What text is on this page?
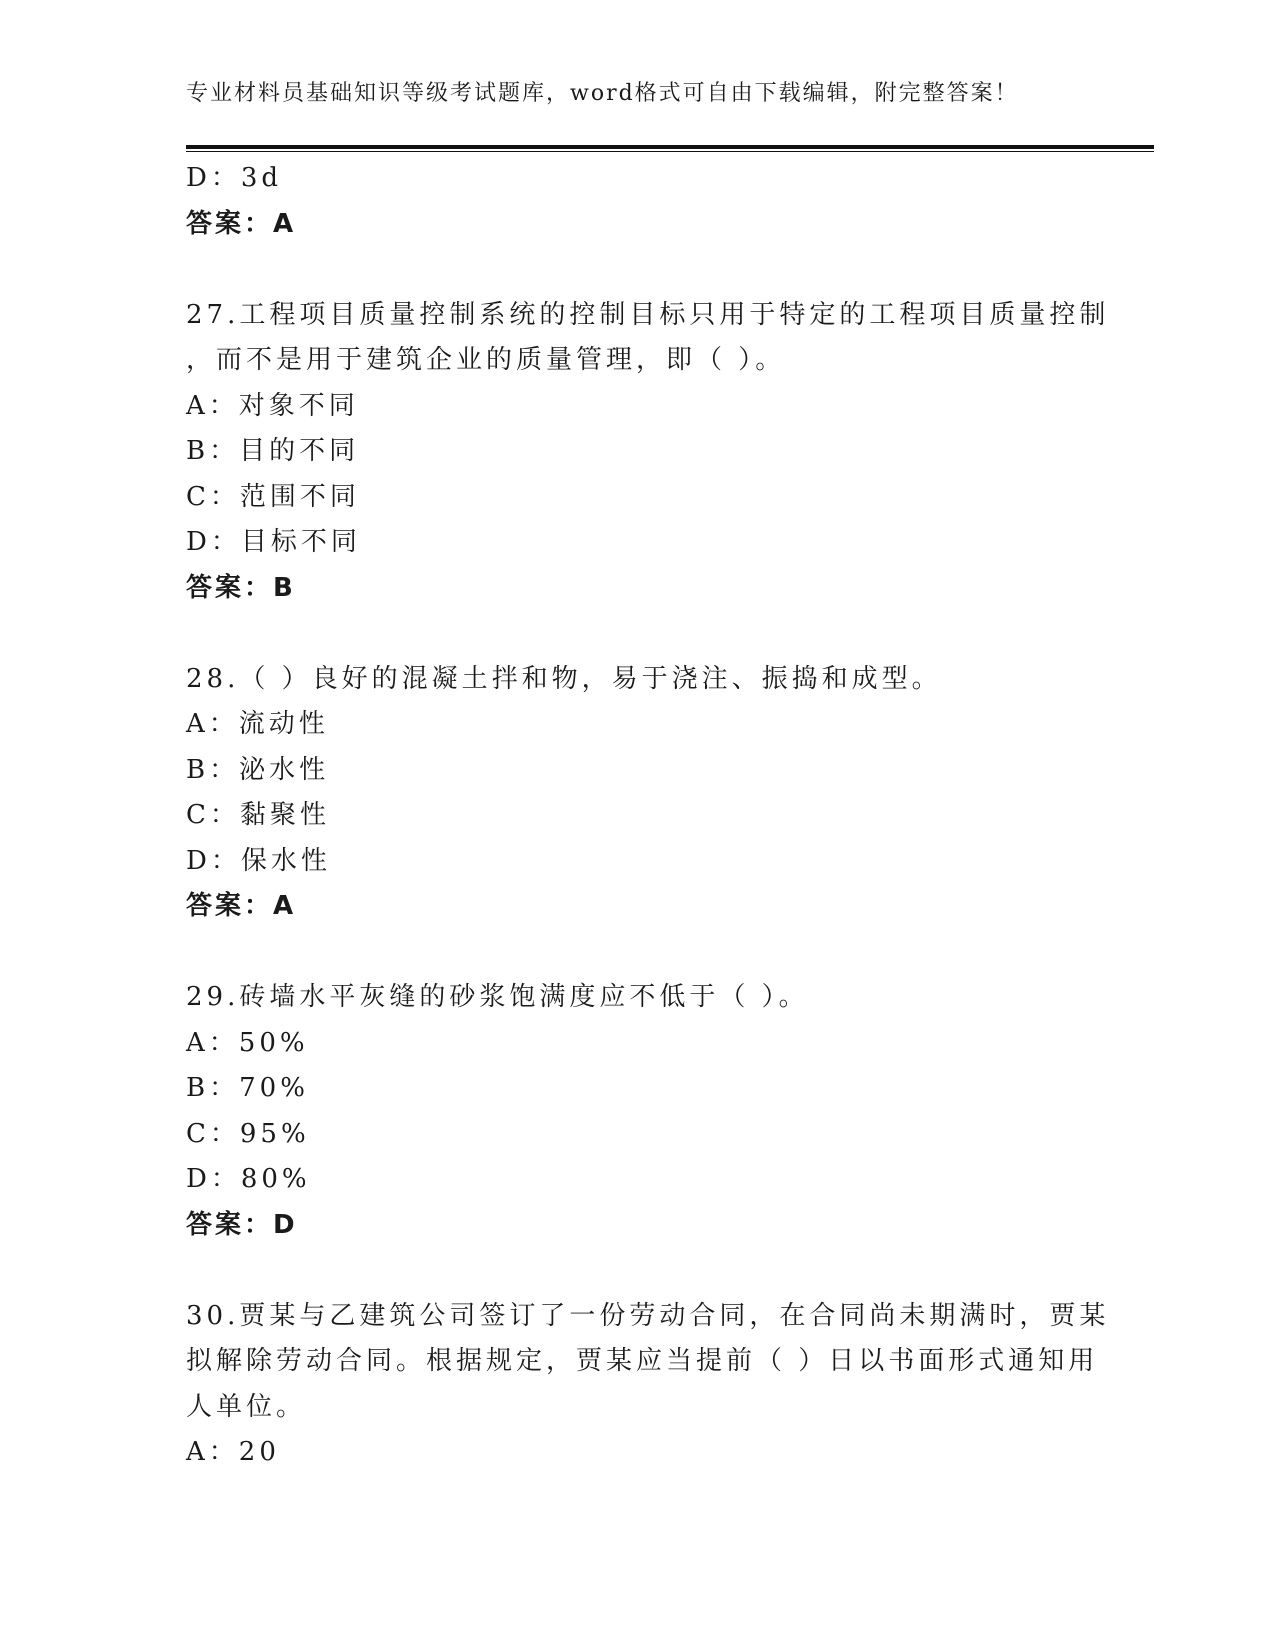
专业材料员基础知识等级考试题库，word格式可自由下载编辑，附完整答案！
D：3d
答案：A
27.工程项目质量控制系统的控制目标只用于特定的工程项目质量控制
，而不是用于建筑企业的质量管理，即（ ）。
A：对象不同
B：目的不同
C：范围不同
D：目标不同
答案：B
28.（ ）良好的混凝土拌和物，易于浇注、振捣和成型。
A：流动性
B：泌水性
C：黏聚性
D：保水性
答案：A
29.砖墙水平灰缝的砂浆饱满度应不低于（ ）。
A：50%
B：70%
C：95%
D：80%
答案：D
30.贾某与乙建筑公司签订了一份劳动合同，在合同尚未期满时，贾某
拟解除劳动合同。根据规定，贾某应当提前（ ）日以书面形式通知用
人单位。
A：20
